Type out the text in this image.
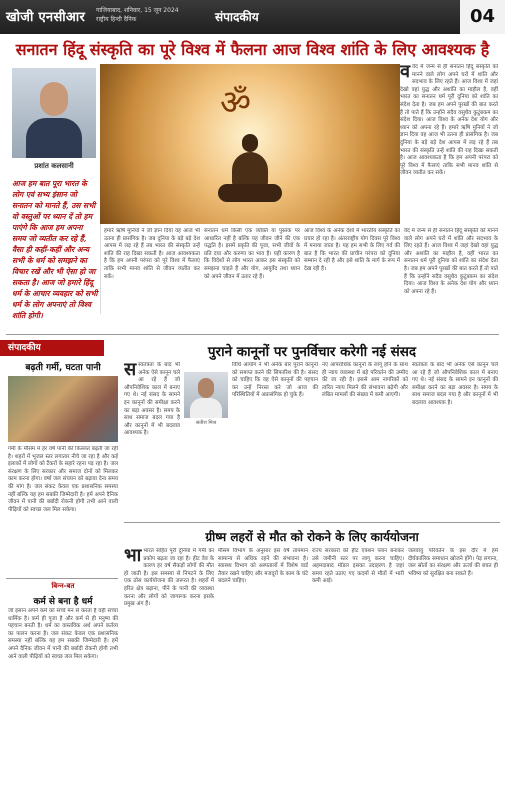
खोजी एनसीआर गाजियाबाद, शनिवार, 15 जून 2024
राष्ट्रीय हिन्दी दैनिक	संपादकीय	04
सनातन हिंदू संस्कृति का पूरे विश्व में फैलना आज विश्व शांति के लिए आवश्यक है
प्रशांत कलसानी
आज हम बात पूरा भारत के लोग एवं सभ्य इंसान जो सनातन को मानते हैं, उस सभी वो वस्तुओं पर ध्यान दें तो हम पाएंगे कि आज हम अपना समय जो व्यतीत कर रहे हैं, वैसा ही कहीं-कहीं और अन्य सभी के धर्म को समझने का विचार रखें और भी ऐसा हो जा सकता है। आज जो हमारे हिंदू धर्म के आचार व्यवहार को सभी धर्म के लोग अपनाएं तो विश्व शांति होगी।
ॐ
ववेद में जन्म से ही सनातन हिंदू संस्कृति को मानने वाले लोग अपने घरों में शांति और सदभाव के लिए रहते हैं। आज विश्व में जहां देखो वहां युद्ध और अशांति का माहौल है, वहीं भारत का सनातन धर्म पूरी दुनिया को शांति का संदेश देता है। जब हम अपने पुरखों की बात करते हैं तो पाते हैं कि उन्होंने सदैव वसुधैव कुटुंबकम का संदेश दिया। आज विश्व के अनेक देश योग और ध्यान को अपना रहे हैं। हमारे ऋषि मुनियों ने जो ज्ञान दिया वह आज भी उतना ही प्रासंगिक है। जब दुनिया के बड़े बड़े देश आपस में लड़ रहे हैं तब भारत की संस्कृति उन्हें शांति की राह दिखा सकती है। आज आवश्यकता है कि हम अपनी परंपरा को पूरे विश्व में फैलाएं ताकि सभी मानव शांति से जीवन व्यतीत कर सकें।
हमारे ऋषि मुनियों ने जो ज्ञान दिया वह आज भी उतना ही प्रासंगिक है। जब दुनिया के बड़े बड़े देश आपस में लड़ रहे हैं तब भारत की संस्कृति उन्हें शांति की राह दिखा सकती है। आज आवश्यकता है कि हम अपनी परंपरा को पूरे विश्व में फैलाएं ताकि सभी मानव शांति से जीवन व्यतीत कर सकें।
सनातन धर्म किसी एक व्यक्ति या पुस्तक पर आधारित नहीं है बल्कि यह जीवन जीने की एक पद्धति है। इसमें प्रकृति की पूजा, सभी जीवों के प्रति दया और करुणा का भाव है। यही कारण है कि विदेशों से लोग भारत आकर इस संस्कृति को समझना चाहते हैं और योग, आयुर्वेद तथा ध्यान को अपने जीवन में उतार रहे हैं।
आज विश्व के अनेक देशों में भारतीय संस्कृति का प्रचार हो रहा है। अंतरराष्ट्रीय योग दिवस पूरे विश्व में मनाया जाता है। यह हम सभी के लिए गर्व की बात है कि भारत की प्राचीन परंपरा को दुनिया सम्मान दे रही है और इसे शांति के मार्ग के रूप में देख रही है।
वेद में जन्म से ही सनातन हिंदू संस्कृति को मानने वाले लोग अपने घरों में शांति और सदभाव के लिए रहते हैं। आज विश्व में जहां देखो वहां युद्ध और अशांति का माहौल है, वहीं भारत का सनातन धर्म पूरी दुनिया को शांति का संदेश देता है। जब हम अपने पुरखों की बात करते हैं तो पाते हैं कि उन्होंने सदैव वसुधैव कुटुंबकम का संदेश दिया। आज विश्व के अनेक देश योग और ध्यान को अपना रहे हैं।
संपादकीय
बढ़ती गर्मी, घटता पानी
गर्मी के मौसम में हर वर्ष पानी की किल्लत बढ़ती जा रही है। शहरों में भूजल स्तर लगातार नीचे जा रहा है और कई इलाकों में लोगों को टैंकरों के सहारे रहना पड़ रहा है। जल संरक्षण के लिए सरकार और समाज दोनों को मिलकर काम करना होगा। वर्षा जल संचयन को बढ़ावा देना समय की मांग है। जल संकट केवल एक प्रशासनिक समस्या नहीं बल्कि यह हम सबकी जिम्मेदारी है। हमें अपने दैनिक जीवन में पानी की बर्बादी रोकनी होगी तभी आने वाली पीढ़ियों को स्वच्छ जल मिल सकेगा।
बिन्‍न-बत
कर्म से बना है धर्म
जो इंसान अपने कर्म को सच्चे मन से करता है वही सच्चा धार्मिक है। कर्म ही पूजा है और कर्म से ही मनुष्य की पहचान बनती है। धर्म का वास्तविक अर्थ अपने कर्तव्य का पालन करना है। जल संकट केवल एक प्रशासनिक समस्या नहीं बल्कि यह हम सबकी जिम्मेदारी है। हमें अपने दैनिक जीवन में पानी की बर्बादी रोकनी होगी तभी आने वाली पीढ़ियों को स्वच्छ जल मिल सकेगा।
पुराने कानूनों पर पुनर्विचार करेगी नई संसद
सस्वतंत्रता के बाद भी अनेक ऐसे कानून चले आ रहे हैं जो औपनिवेशिक काल में बनाए गए थे। नई संसद के सामने इन कानूनों की समीक्षा करने का बड़ा अवसर है। समय के साथ समाज बदल गया है और कानूनों में भी बदलाव आवश्यक है।
सतीश मिश्र
विधि आयोग ने भी अनेक बार पुराने कानूनों को समाप्त करने की सिफारिश की है। संसद को चाहिए कि वह ऐसे कानूनों की पहचान कर उन्हें निरस्त करे जो आज की परिस्थितियों में अप्रासंगिक हो चुके हैं।
नए आपराधिक कानूनों के लागू होने के साथ ही न्याय व्यवस्था में बड़े परिवर्तन की उम्मीद की जा रही है। इससे आम नागरिकों को त्वरित न्याय मिलने की संभावना बढ़ेगी और लंबित मामलों की संख्या में कमी आएगी।
स्वतंत्रता के बाद भी अनेक ऐसे कानून चले आ रहे हैं जो औपनिवेशिक काल में बनाए गए थे। नई संसद के सामने इन कानूनों की समीक्षा करने का बड़ा अवसर है। समय के साथ समाज बदल गया है और कानूनों में भी बदलाव आवश्यक है।
ग्रीष्म लहरों से मौत को रोकने के लिए कार्ययोजना
भाभारत सहित पूरी दुनिया में गर्मी का प्रकोप बढ़ता जा रहा है। हीट वेव के कारण हर वर्ष सैकड़ों लोगों की मौत हो जाती है। इस समस्या से निपटने के लिए एक ठोस कार्ययोजना की जरूरत है। शहरों में हरित क्षेत्र बढ़ाना, पीने के पानी की व्यवस्था करना और लोगों को जागरूक करना इसके प्रमुख अंग हैं।
मौसम विभाग के अनुसार इस वर्ष तापमान सामान्य से अधिक रहने की संभावना है। स्वास्थ्य विभाग को अस्पतालों में विशेष वार्ड तैयार रखने चाहिए और मजदूरों के काम के घंटे बदलने चाहिए।
राज्य सरकारों को हीट एक्शन प्लान बनाकर उसे जमीनी स्तर पर लागू करना चाहिए। अहमदाबाद मॉडल इसका उदाहरण है जहां समय रहते उठाए गए कदमों से मौतों में भारी कमी आई।
जलवायु परिवर्तन के इस दौर में हमें दीर्घकालिक समाधान खोजने होंगे। पेड़ लगाना, जल स्रोतों का संरक्षण और ऊर्जा की बचत ही भविष्य को सुरक्षित बना सकते हैं।
